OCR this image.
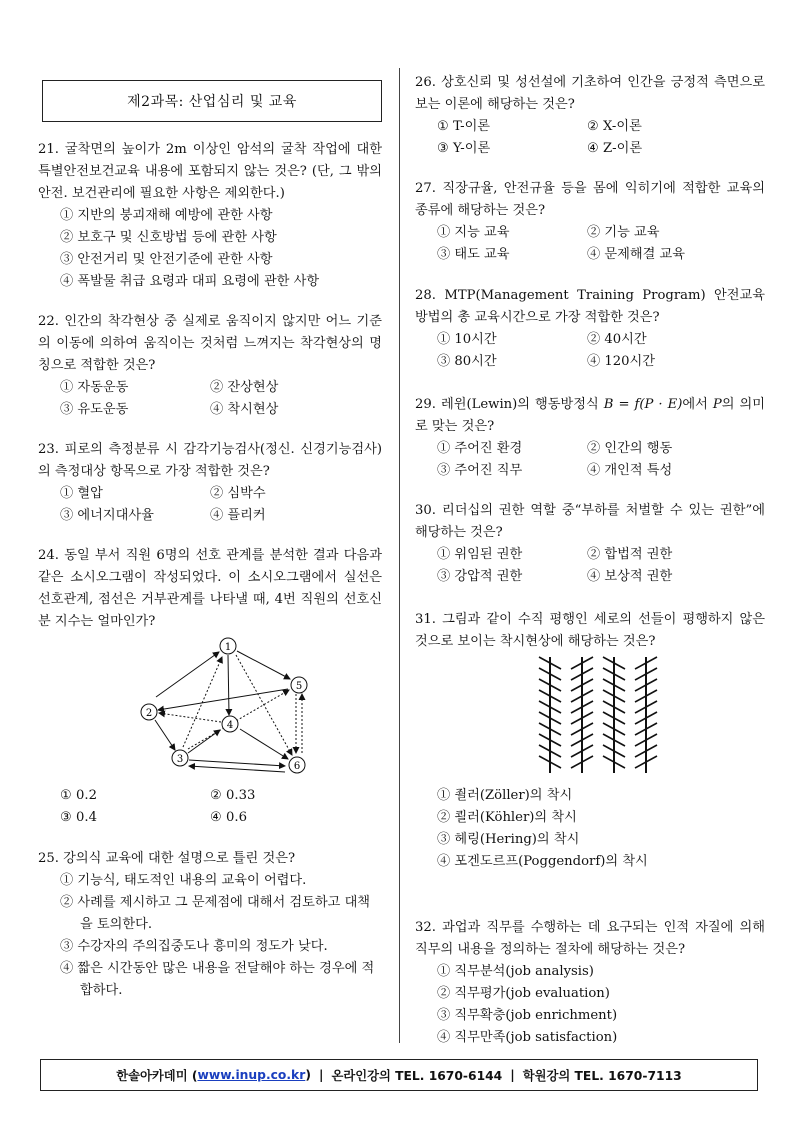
제2과목: 산업심리 및 교육
21. 굴착면의 높이가 2m 이상인 암석의 굴착 작업에 대한 특별안전보건교육 내용에 포함되지 않는 것은? (단, 그 밖의 안전. 보건관리에 필요한 사항은 제외한다.)
① 지반의 붕괴재해 예방에 관한 사항
② 보호구 및 신호방법 등에 관한 사항
③ 안전거리 및 안전기준에 관한 사항
④ 폭발물 취급 요령과 대피 요령에 관한 사항
22. 인간의 착각현상 중 실제로 움직이지 않지만 어느 기준의 이동에 의하여 움직이는 것처럼 느껴지는 착각현상의 명칭으로 적합한 것은?
① 자동운동	② 잔상현상
③ 유도운동	④ 착시현상
23. 피로의 측정분류 시 감각기능검사(정신. 신경기능검사)의 측정대상 항목으로 가장 적합한 것은?
① 혈압	② 심박수
③ 에너지대사율	④ 플리커
24. 동일 부서 직원 6명의 선호 관계를 분석한 결과 다음과 같은 소시오그램이 작성되었다. 이 소시오그램에서 실선은 선호관계, 점선은 거부관계를 나타낼 때, 4번 직원의 선호신분 지수는 얼마인가?
1
5
2
4
3
6
① 0.2	② 0.33
③ 0.4	④ 0.6
25. 강의식 교육에 대한 설명으로 틀린 것은?
① 기능식, 태도적인 내용의 교육이 어렵다.
② 사례를 제시하고 그 문제점에 대해서 검토하고 대책을 토의한다.
③ 수강자의 주의집중도나 흥미의 정도가 낮다.
④ 짧은 시간동안 많은 내용을 전달해야 하는 경우에 적합하다.
26. 상호신뢰 및 성선설에 기초하여 인간을 긍정적 측면으로 보는 이론에 해당하는 것은?
① T-이론	② X-이론
③ Y-이론	④ Z-이론
27. 직장규율, 안전규율 등을 몸에 익히기에 적합한 교육의 종류에 해당하는 것은?
① 지능 교육	② 기능 교육
③ 태도 교육	④ 문제해결 교육
28. MTP(Management Training Program) 안전교육 방법의 총 교육시간으로 가장 적합한 것은?
① 10시간	② 40시간
③ 80시간	④ 120시간
29. 레윈(Lewin)의 행동방정식 B = f(P · E)에서 P의 의미로 맞는 것은?
① 주어진 환경	② 인간의 행동
③ 주어진 직무	④ 개인적 특성
30. 리더십의 권한 역할 중“부하를 처벌할 수 있는 권한”에 해당하는 것은?
① 위임된 권한	② 합법적 권한
③ 강압적 권한	④ 보상적 권한
31. 그림과 같이 수직 평행인 세로의 선들이 평행하지 않은 것으로 보이는 착시현상에 해당하는 것은?
① 죌러(Zöller)의 착시
② 쾰러(Köhler)의 착시
③ 헤링(Hering)의 착시
④ 포겐도르프(Poggendorf)의 착시
32. 과업과 직무를 수행하는 데 요구되는 인적 자질에 의해 직무의 내용을 정의하는 절차에 해당하는 것은?
① 직무분석(job analysis)
② 직무평가(job evaluation)
③ 직무확충(job enrichment)
④ 직무만족(job satisfaction)
한솔아카데미 ( www.inup.co.kr ) | 온라인강의 TEL. 1670-6144 | 학원강의 TEL. 1670-7113
